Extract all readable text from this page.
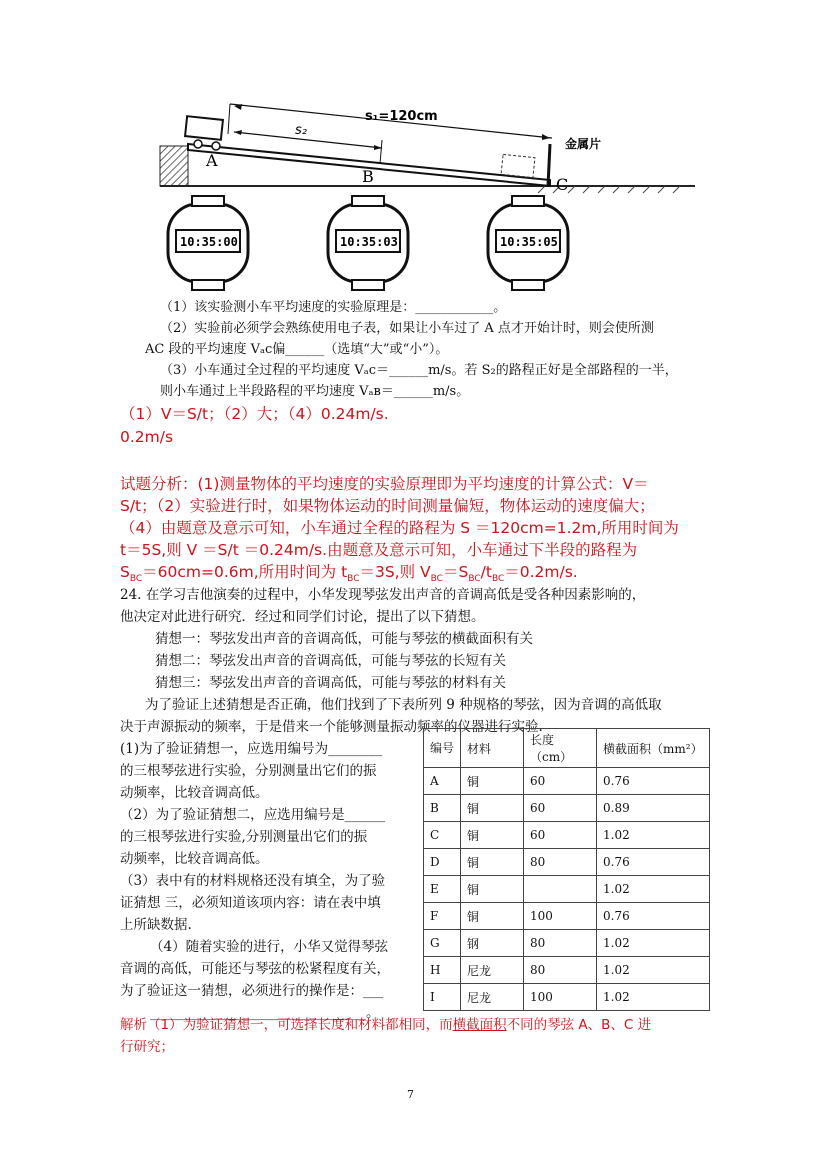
s₁=120cm
s₂
A
B	C
金属片
10:35:00	10:35:03	10:35:05
（1）该实验测小车平均速度的实验原理是：____________。
（2）实验前必须学会熟练使用电子表，如果让小车过了 A 点才开始计时，则会使所测
AC 段的平均速度 Vₐc偏______（选填“大”或“小”）。
（3）小车通过全过程的平均速度 Vₐc＝______m/s。若 S₂的路程正好是全部路程的一半，
则小车通过上半段路程的平均速度 Vₐʙ＝______m/s。
（1）V＝S/t；（2）大；（4）0.24m/s.
0.2m/s
试题分析：(1)测量物体的平均速度的实验原理即为平均速度的计算公式：V＝
S/t；（2）实验进行时，如果物体运动的时间测量偏短，物体运动的速度偏大；
（4）由题意及意示可知，小车通过全程的路程为 S ＝120cm=1.2m,所用时间为
t＝5S,则 V ＝S/t ＝0.24m/s.由题意及意示可知，小车通过下半段的路程为
$S_{BC}=60cm=0.6m$,所用时间为 $t_{BC}=3S$,则 $V_{BC}=S_{BC}/t_{BC}=0.2m/s$.
24. 在学习吉他演奏的过程中，小华发现琴弦发出声音的音调高低是受各种因素影响的，
他决定对此进行研究．经过和同学们讨论，提出了以下猜想。
猜想一：琴弦发出声音的音调高低，可能与琴弦的横截面积有关
猜想二：琴弦发出声音的音调高低，可能与琴弦的长短有关
猜想三：琴弦发出声音的音调高低，可能与琴弦的材料有关
为了验证上述猜想是否正确，他们找到了下表所列 9 种规格的琴弦，因为音调的高低取
决于声源振动的频率，于是借来一个能够测量振动频率的仪器进行实验.
(1)为了验证猜想一，应选用编号为________
的三根琴弦进行实验，分别测量出它们的振
动频率，比较音调高低。
（2）为了验证猜想二，应选用编号是______
的三根琴弦进行实验,分别测量出它们的振
动频率，比较音调高低。
（3）表中有的材料规格还没有填全，为了验
证猜想 三，必须知道该项内容：请在表中填
上所缺数据.
（4）随着实验的进行，小华又觉得琴弦
音调的高低，可能还与琴弦的松紧程度有关，
为了验证这一猜想，必须进行的操作是：___
________________________________。
编号	材料	长度（cm）	横截面积（mm²）
A	铜	60	0.76
B	铜	60	0.89
C	铜	60	1.02
D	铜	80	0.76
E	铜		1.02
F	铜	100	0.76
G	钢	80	1.02
H	尼龙	80	1.02
I	尼龙	100	1.02
解析（1）为验证猜想一，可选择长度和材料都相同，而横截面积不同的琴弦 A、B、C 进
行研究；
7
